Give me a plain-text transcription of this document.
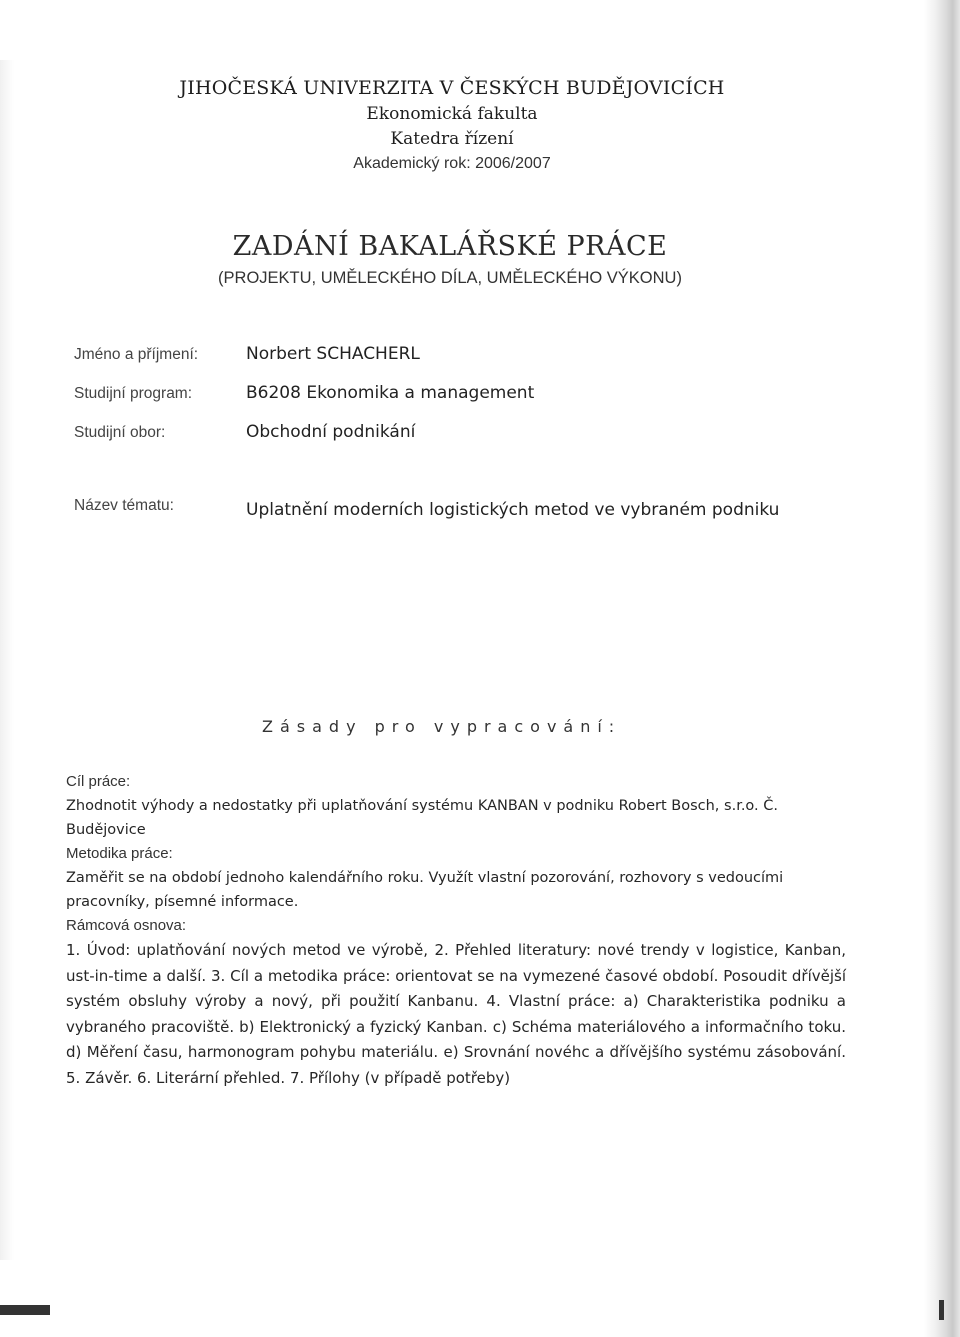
JIHOČESKÁ UNIVERZITA V ČESKÝCH BUDĚJOVICÍCH
Ekonomická fakulta
Katedra řízení
Akademický rok: 2006/2007
ZADÁNÍ BAKALÁŘSKÉ PRÁCE
(PROJEKTU, UMĚLECKÉHO DÍLA, UMĚLECKÉHO VÝKONU)
Jméno a příjmení:	Norbert SCHACHERL
Studijní program:	B6208 Ekonomika a management
Studijní obor:	Obchodní podnikání
Název tématu:	Uplatnění moderních logistických metod ve vybraném podniku
Zásady pro vypracování:
Cíl práce:
Zhodnotit výhody a nedostatky při uplatňování systému KANBAN v podniku Robert Bosch, s.r.o. Č. Budějovice
Metodika práce:
Zaměřit se na období jednoho kalendářního roku. Využít vlastní pozorování, rozhovory s vedoucími pracovníky, písemné informace.
Rámcová osnova:
1. Úvod: uplatňování nových metod ve výrobě, 2. Přehled literatury: nové trendy v logistice, Kanban, ust-in-time a další. 3. Cíl a metodika práce: orientovat se na vymezené časové období. Posoudit dřívější systém obsluhy výroby a nový, při použití Kanbanu. 4. Vlastní práce: a) Charakteristika podniku a vybraného pracoviště. b) Elektronický a fyzický Kanban. c) Schéma materiálového a informačního toku. d) Měření času, harmonogram pohybu materiálu. e) Srovnání novéhc a dřívějšího systému zásobování. 5. Závěr. 6. Literární přehled. 7. Přílohy (v případě potřeby)
